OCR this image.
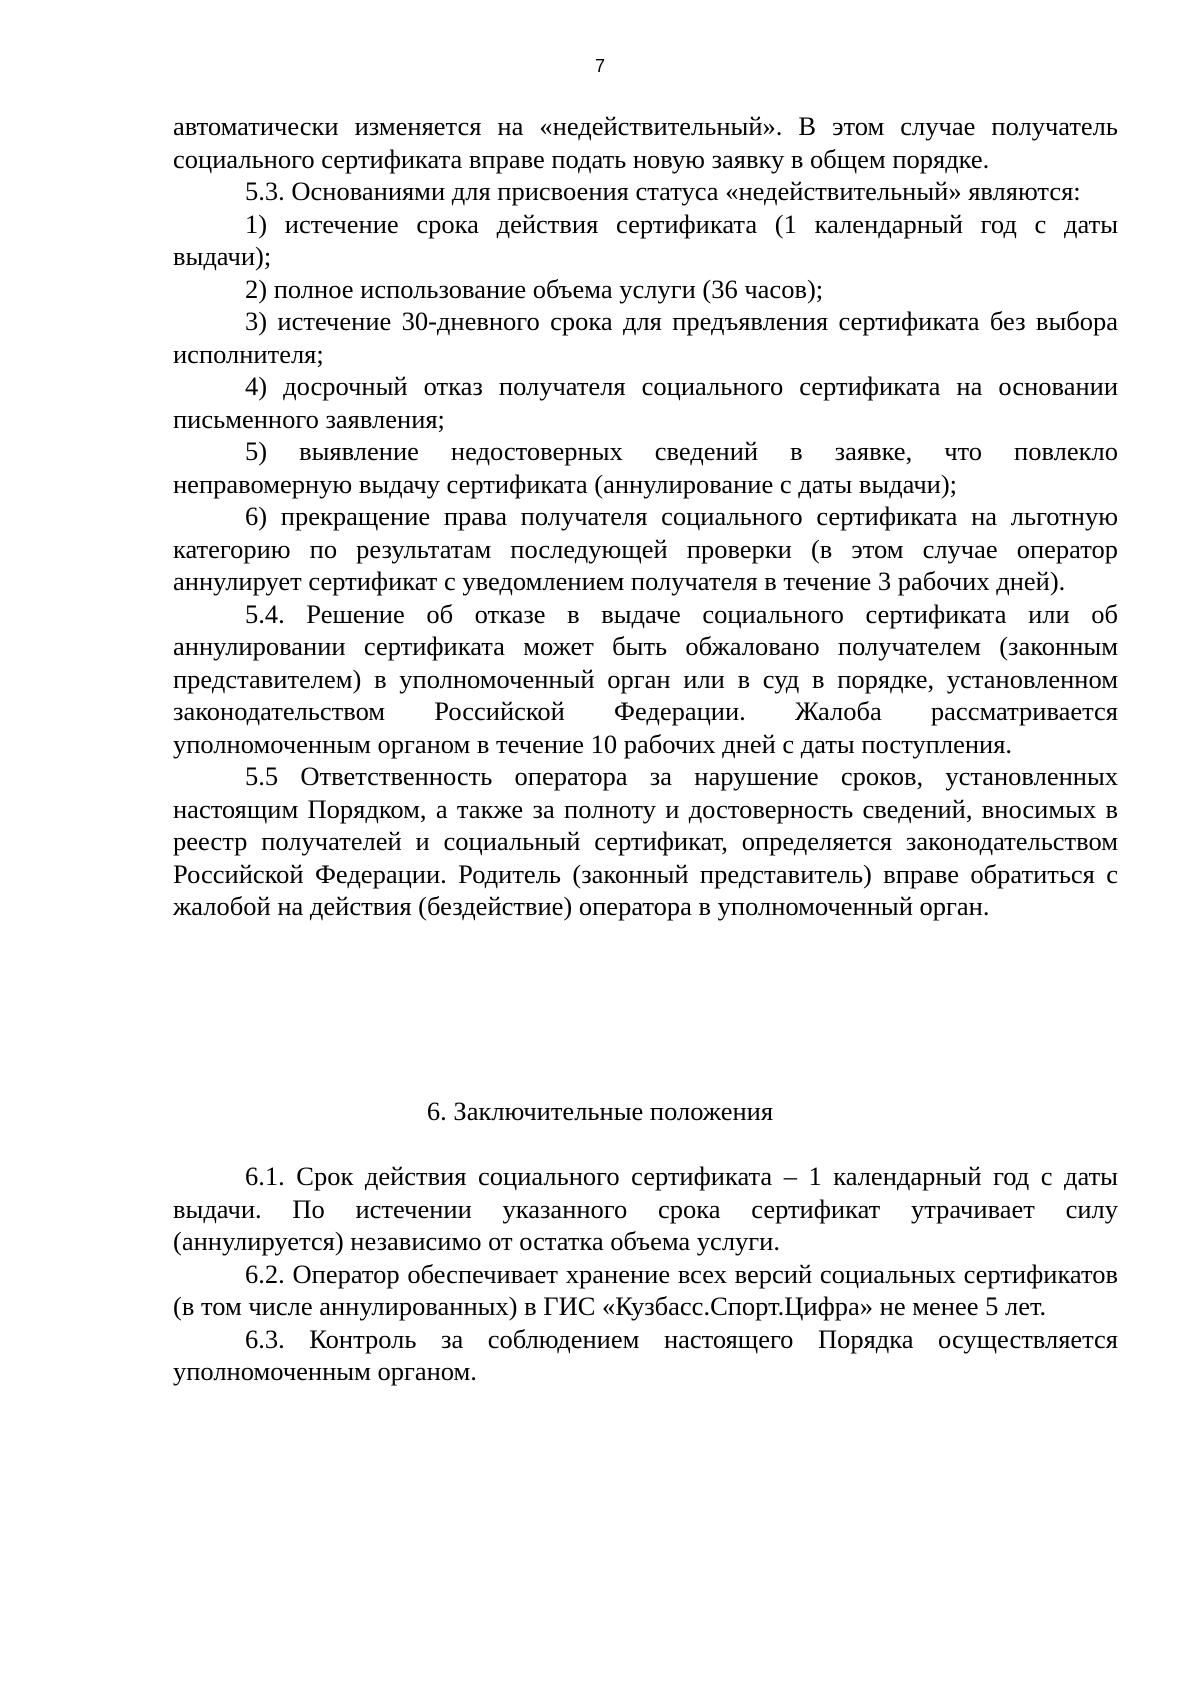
7

автоматически изменяется на «недействительный». В этом случае получатель социального сертификата вправе подать новую заявку в общем порядке.

5.3. Основаниями для присвоения статуса «недействительный» являются:

1) истечение срока действия сертификата (1 календарный год с даты выдачи);

2) полное использование объема услуги (36 часов);

3) истечение 30-дневного срока для предъявления сертификата без выбора исполнителя;

4) досрочный отказ получателя социального сертификата на основании письменного заявления;

5) выявление недостоверных сведений в заявке, что повлекло неправомерную выдачу сертификата (аннулирование с даты выдачи);

6) прекращение права получателя социального сертификата на льготную категорию по результатам последующей проверки (в этом случае оператор аннулирует сертификат с уведомлением получателя в течение 3 рабочих дней).

5.4. Решение об отказе в выдаче социального сертификата или об аннулировании сертификата может быть обжаловано получателем (законным представителем) в уполномоченный орган или в суд в порядке, установленном законодательством Российской Федерации. Жалоба рассматривается уполномоченным органом в течение 10 рабочих дней с даты поступления.

5.5 Ответственность оператора за нарушение сроков, установленных настоящим Порядком, а также за полноту и достоверность сведений, вносимых в реестр получателей и социальный сертификат, определяется законодательством Российской Федерации. Родитель (законный представитель) вправе обратиться с жалобой на действия (бездействие) оператора в уполномоченный орган.

6. Заключительные положения

6.1. Срок действия социального сертификата – 1 календарный год с даты выдачи. По истечении указанного срока сертификат утрачивает силу (аннулируется) независимо от остатка объема услуги.

6.2. Оператор обеспечивает хранение всех версий социальных сертификатов (в том числе аннулированных) в ГИС «Кузбасс.Спорт.Цифра» не менее 5 лет.

6.3. Контроль за соблюдением настоящего Порядка осуществляется уполномоченным органом.
